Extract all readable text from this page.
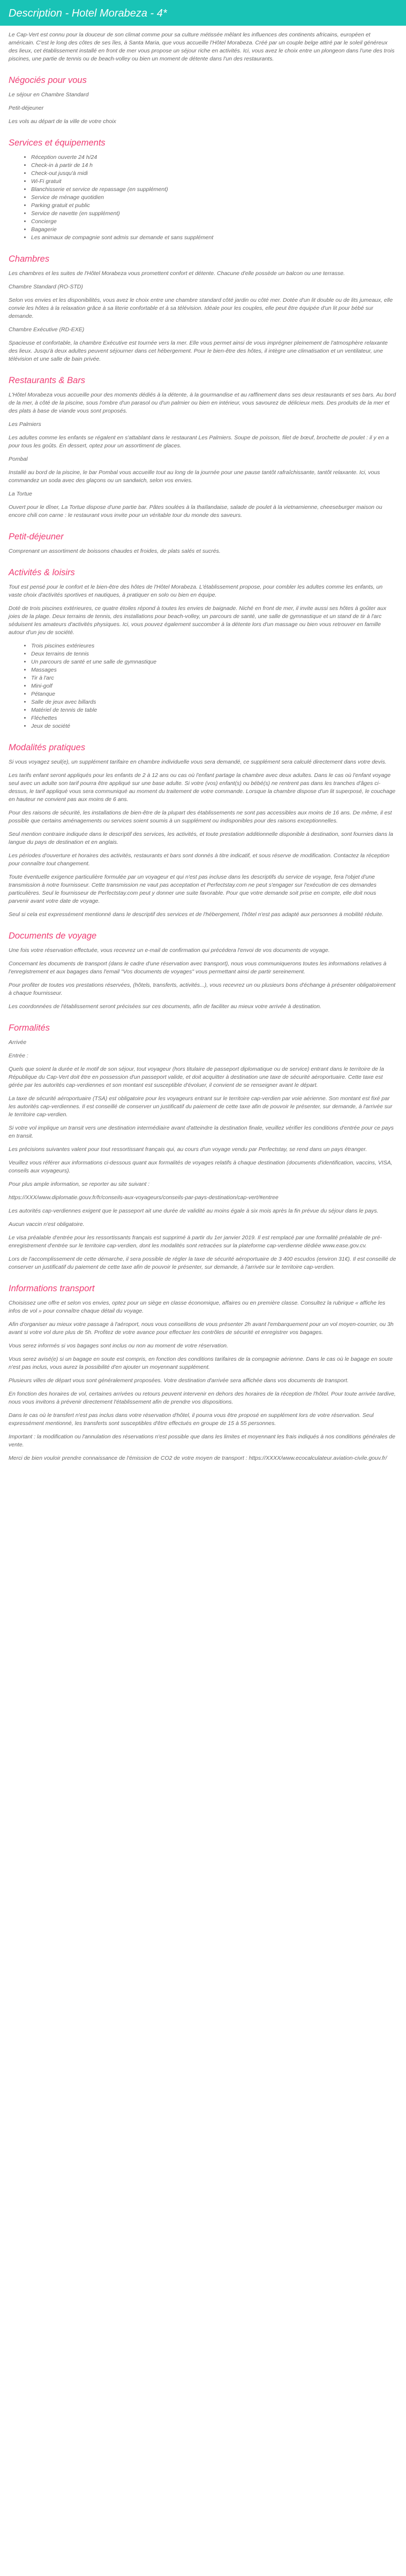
Description - Hotel Morabeza - 4*

Le Cap-Vert est connu pour la douceur de son climat comme pour sa culture métissée mêlant les influences des continents africains, européen et américain. C'est le long des côtes de ses îles, à Santa Maria, que vous accueille l'Hôtel Morabeza. Créé par un couple belge attiré par le soleil généreux des lieux, cet établissement installé en front de mer vous propose un séjour riche en activités. Ici, vous avez le choix entre un plongeon dans l'une des trois piscines, une partie de tennis ou de beach-volley ou bien un moment de détente dans l'un des restaurants.

Négociés pour vous

Le séjour en Chambre Standard

Petit-déjeuner

Les vols au départ de la ville de votre choix

Services et équipements
• Réception ouverte 24 h/24
• Check-in à partir de 14 h
• Check-out jusqu'à midi
• Wi-Fi gratuit
• Blanchisserie et service de repassage (en supplément)
• Service de ménage quotidien
• Parking gratuit et public
• Service de navette (en supplément)
• Concierge
• Bagagerie
• Les animaux de compagnie sont admis sur demande et sans supplément
Chambres

Les chambres et les suites de l'Hôtel Morabeza vous promettent confort et détente. Chacune d'elle possède un balcon ou une terrasse.

Chambre Standard (RO-STD)

Selon vos envies et les disponibilités, vous avez le choix entre une chambre standard côté jardin ou côté mer. Dotée d'un lit double ou de lits jumeaux, elle convie les hôtes à la relaxation grâce à sa literie confortable et à sa télévision. Idéale pour les couples, elle peut être équipée d'un lit pour bébé sur demande.

Chambre Exécutive (RD-EXE)

Spacieuse et confortable, la chambre Exécutive est tournée vers la mer. Elle vous permet ainsi de vous imprégner pleinement de l'atmosphère relaxante des lieux. Jusqu'à deux adultes peuvent séjourner dans cet hébergement. Pour le bien-être des hôtes, il intègre une climatisation et un ventilateur, une télévision et une salle de bain privée.

Restaurants & Bars

L'Hôtel Morabeza vous accueille pour des moments dédiés à la détente, à la gourmandise et au raffinement dans ses deux restaurants et ses bars. Au bord de la mer, à côté de la piscine, sous l'ombre d'un parasol ou d'un palmier ou bien en intérieur, vous savourez de délicieux mets. Des produits de la mer et des plats à base de viande vous sont proposés.

Les Palmiers

Les adultes comme les enfants se régalent en s'attablant dans le restaurant Les Palmiers. Soupe de poisson, filet de bœuf, brochette de poulet : il y en a pour tous les goûts. En dessert, optez pour un assortiment de glaces.

Pombal

Installé au bord de la piscine, le bar Pombal vous accueille tout au long de la journée pour une pause tantôt rafraîchissante, tantôt relaxante. Ici, vous commandez un soda avec des glaçons ou un sandwich, selon vos envies.

La Tortue

Ouvert pour le dîner, La Tortue dispose d'une partie bar. Pâtes soulées à la thaïlandaise, salade de poulet à la vietnamienne, cheeseburger maison ou encore chili con carne : le restaurant vous invite pour un véritable tour du monde des saveurs.

Petit-déjeuner

Comprenant un assortiment de boissons chaudes et froides, de plats salés et sucrés.

Activités & loisirs

Tout est pensé pour le confort et le bien-être des hôtes de l'Hôtel Morabeza. L'établissement propose, pour combler les adultes comme les enfants, un vaste choix d'activités sportives et nautiques, à pratiquer en solo ou bien en équipe.

Doté de trois piscines extérieures, ce quatre étoiles répond à toutes les envies de baignade. Niché en front de mer, il invite aussi ses hôtes à goûter aux joies de la plage. Deux terrains de tennis, des installations pour beach-volley, un parcours de santé, une salle de gymnastique et un stand de tir à l'arc séduisent les amateurs d'activités physiques. Ici, vous pouvez également succomber à la détente lors d'un massage ou bien vous retrouver en famille autour d'un jeu de société.

• Trois piscines extérieures
• Deux terrains de tennis
• Un parcours de santé et une salle de gymnastique
• Massages
• Tir à l'arc
• Mini-golf
• Pétanque
• Salle de jeux avec billards
• Matériel de tennis de table
• Fléchettes
• Jeux de société
Modalités pratiques

Si vous voyagez seul(e), un supplément tarifaire en chambre individuelle vous sera demandé, ce supplément sera calculé directement dans votre devis.

Les tarifs enfant seront appliqués pour les enfants de 2 à 12 ans ou cas où l'enfant partage la chambre avec deux adultes. Dans le cas où l'enfant voyage seul avec un adulte son tarif pourra être appliqué sur une base adulte. Si votre (vos) enfant(s) ou bébé(s) ne rentrent pas dans les tranches d'âges ci-dessus, le tarif appliqué vous sera communiqué au moment du traitement de votre commande. Lorsque la chambre dispose d'un lit superposé, le couchage en hauteur ne convient pas aux moins de 6 ans.

Pour des raisons de sécurité, les installations de bien-être de la plupart des établissements ne sont pas accessibles aux moins de 16 ans. De même, il est possible que certains aménagements ou services soient soumis à un supplément ou indisponibles pour des raisons exceptionnelles.

Seul mention contraire indiquée dans le descriptif des services, les activités, et toute prestation additionnelle disponible à destination, sont fournies dans la langue du pays de destination et en anglais.

Les périodes d'ouverture et horaires des activités, restaurants et bars sont donnés à titre indicatif, et sous réserve de modification. Contactez la réception pour connaître tout changement.

Toute éventuelle exigence particulière formulée par un voyageur et qui n'est pas incluse dans les descriptifs du service de voyage, fera l'objet d'une transmission à notre fournisseur. Cette transmission ne vaut pas acceptation et Perfectstay.com ne peut s'engager sur l'exécution de ces demandes particulières. Seul le fournisseur de Perfectstay.com peut y donner une suite favorable. Pour que votre demande soit prise en compte, elle doit nous parvenir avant votre date de voyage.

Seul si cela est expressément mentionné dans le descriptif des services et de l'hébergement, l'hôtel n'est pas adapté aux personnes à mobilité réduite.

Documents de voyage

Une fois votre réservation effectuée, vous recevrez un e-mail de confirmation qui précédera l'envoi de vos documents de voyage.

Concernant les documents de transport (dans le cadre d'une réservation avec transport), nous vous communiquerons toutes les informations relatives à l'enregistrement et aux bagages dans l'email "Vos documents de voyages" vous permettant ainsi de partir sereinement.

Pour profiter de toutes vos prestations réservées, (hôtels, transferts, activités...), vous recevrez un ou plusieurs bons d'échange à présenter obligatoirement à chaque fournisseur.

Les coordonnées de l'établissement seront précisées sur ces documents, afin de faciliter au mieux votre arrivée à destination.

Formalités

Arrivée

Entrée :

Quels que soient la durée et le motif de son séjour, tout voyageur (hors titulaire de passeport diplomatique ou de service) entrant dans le territoire de la République du Cap-Vert doit être en possession d'un passeport valide, et doit acquitter à destination une taxe de sécurité aéroportuaire. Cette taxe est gérée par les autorités cap-verdiennes et son montant est susceptible d'évoluer, il convient de se renseigner avant le départ.

La taxe de sécurité aéroportuaire (TSA) est obligatoire pour les voyageurs entrant sur le territoire cap-verdien par voie aérienne. Son montant est fixé par les autorités cap-verdiennes. Il est conseillé de conserver un justificatif du paiement de cette taxe afin de pouvoir le présenter, sur demande, à l'arrivée sur le territoire cap-verdien.

Si votre vol implique un transit vers une destination intermédiaire avant d'atteindre la destination finale, veuillez vérifier les conditions d'entrée pour ce pays en transit.

Les précisions suivantes valent pour tout ressortissant français qui, au cours d'un voyage vendu par Perfectstay, se rend dans un pays étranger.

Veuillez vous référer aux informations ci-dessous quant aux formalités de voyages relatifs à chaque destination (documents d'identification, vaccins, VISA, conseils aux voyageurs).

Pour plus ample information, se reporter au site suivant :

https://XXX/www.diplomatie.gouv.fr/fr/conseils-aux-voyageurs/conseils-par-pays-destination/cap-vert/#entree

Les autorités cap-verdiennes exigent que le passeport ait une durée de validité au moins égale à six mois après la fin prévue du séjour dans le pays.

Aucun vaccin n'est obligatoire.

Le visa préalable d'entrée pour les ressortissants français est supprimé à partir du 1er janvier 2019. Il est remplacé par une formalité préalable de pré-enregistrement d'entrée sur le territoire cap-verdien, dont les modalités sont retracées sur la plateforme cap-verdienne dédiée www.ease.gov.cv.

Lors de l'accomplissement de cette démarche, il sera possible de régler la taxe de sécurité aéroportuaire de 3 400 escudos (environ 31€). Il est conseillé de conserver un justificatif du paiement de cette taxe afin de pouvoir le présenter, sur demande, à l'arrivée sur le territoire cap-verdien.

Informations transport

Choisissez une offre et selon vos envies, optez pour un siège en classe économique, affaires ou en première classe. Consultez la rubrique « affiche les infos de vol » pour connaître chaque détail du voyage.

Afin d'organiser au mieux votre passage à l'aéroport, nous vous conseillons de vous présenter 2h avant l'embarquement pour un vol moyen-courrier, ou 3h avant si votre vol dure plus de 5h. Profitez de votre avance pour effectuer les contrôles de sécurité et enregistrer vos bagages.

Vous serez informés si vos bagages sont inclus ou non au moment de votre réservation.

Vous serez avisé(e) si un bagage en soute est compris, en fonction des conditions tarifaires de la compagnie aérienne. Dans le cas où le bagage en soute n'est pas inclus, vous aurez la possibilité d'en ajouter un moyennant supplément.

Plusieurs villes de départ vous sont généralement proposées. Votre destination d'arrivée sera affichée dans vos documents de transport.

En fonction des horaires de vol, certaines arrivées ou retours peuvent intervenir en dehors des horaires de la réception de l'hôtel. Pour toute arrivée tardive, nous vous invitons à prévenir directement l'établissement afin de prendre vos dispositions.

Dans le cas où le transfert n'est pas inclus dans votre réservation d'hôtel, il pourra vous être proposé en supplément lors de votre réservation. Seul expressément mentionné, les transferts sont susceptibles d'être effectués en groupe de 15 à 55 personnes.

Important : la modification ou l'annulation des réservations n'est possible que dans les limites et moyennant les frais indiqués à nos conditions générales de vente.

Merci de bien vouloir prendre connaissance de l'émission de CO2 de votre moyen de transport : https://XXXX/www.ecocalculateur.aviation-civile.gouv.fr/
